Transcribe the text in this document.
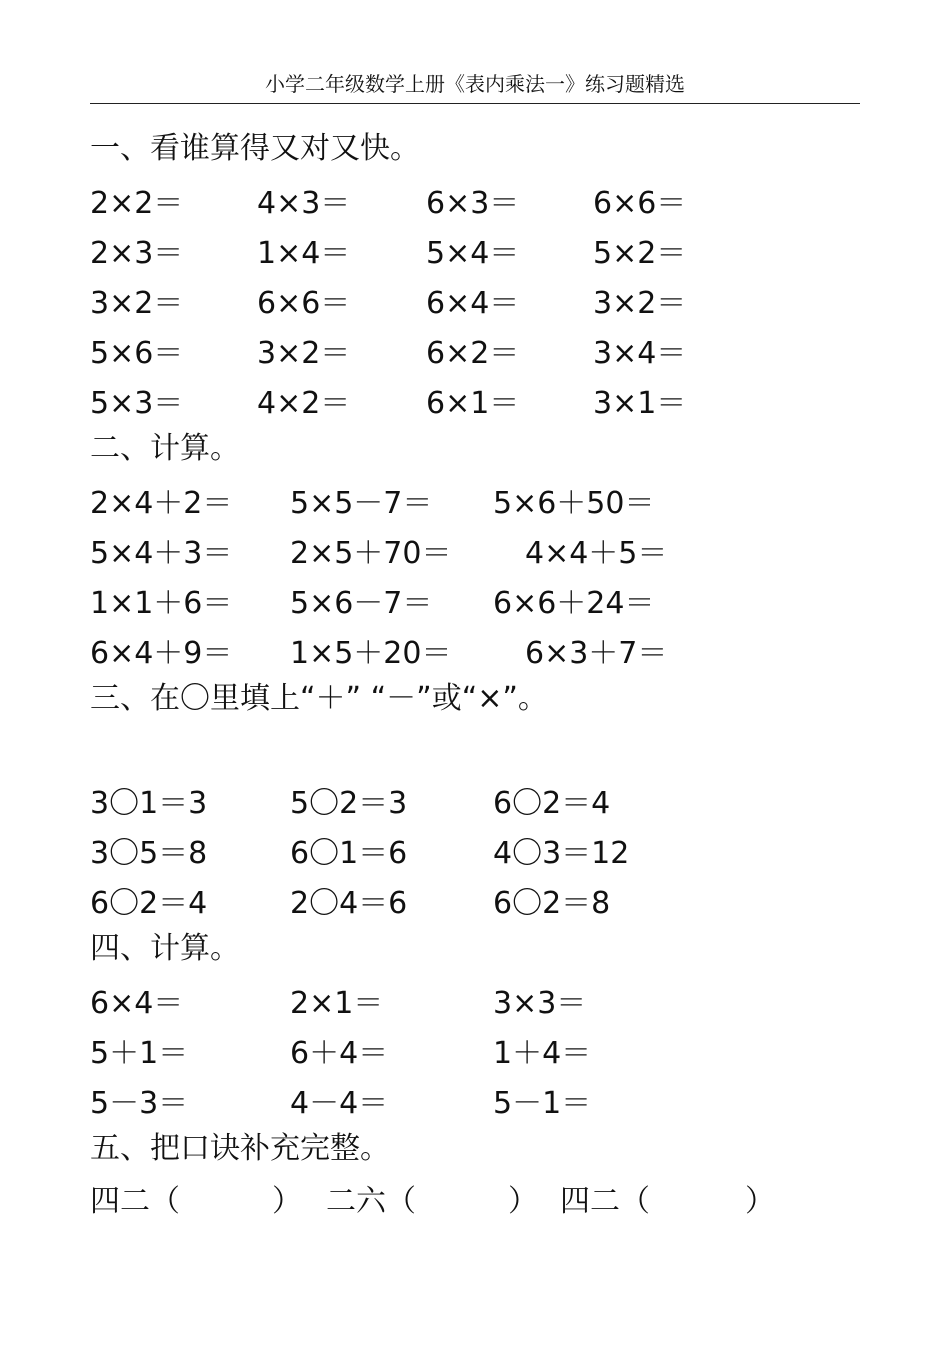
小学二年级数学上册《表内乘法一》练习题精选
一、看谁算得又对又快。
2×2＝ 4×3＝	6×3＝ 6×6＝
2×3＝ 1×4＝	5×4＝ 5×2＝
3×2＝ 6×6＝	6×4＝ 3×2＝
5×6＝ 3×2＝	6×2＝ 3×4＝
5×3＝ 4×2＝	6×1＝ 3×1＝
二、计算。
2×4＋2＝ 5×5－7＝ 5×6＋50＝
5×4＋3＝ 2×5＋70＝ 4×4＋5＝
1×1＋6＝ 5×6－7＝ 6×6＋24＝
6×4＋9＝ 1×5＋20＝ 6×3＋7＝
三、在〇里填上“＋” “－”或“×”。
3〇1＝3	5〇2＝3	6〇2＝4
3〇5＝8	6〇1＝6	4〇3＝12
6〇2＝4	2〇4＝6	6〇2＝8
四、计算。
6×4＝	2×1＝	3×3＝
5＋1＝	6＋4＝	1＋4＝
5－3＝	4－4＝	5－1＝
五、把口诀补充完整。
四二（	） 二六（	） 四二（	）
